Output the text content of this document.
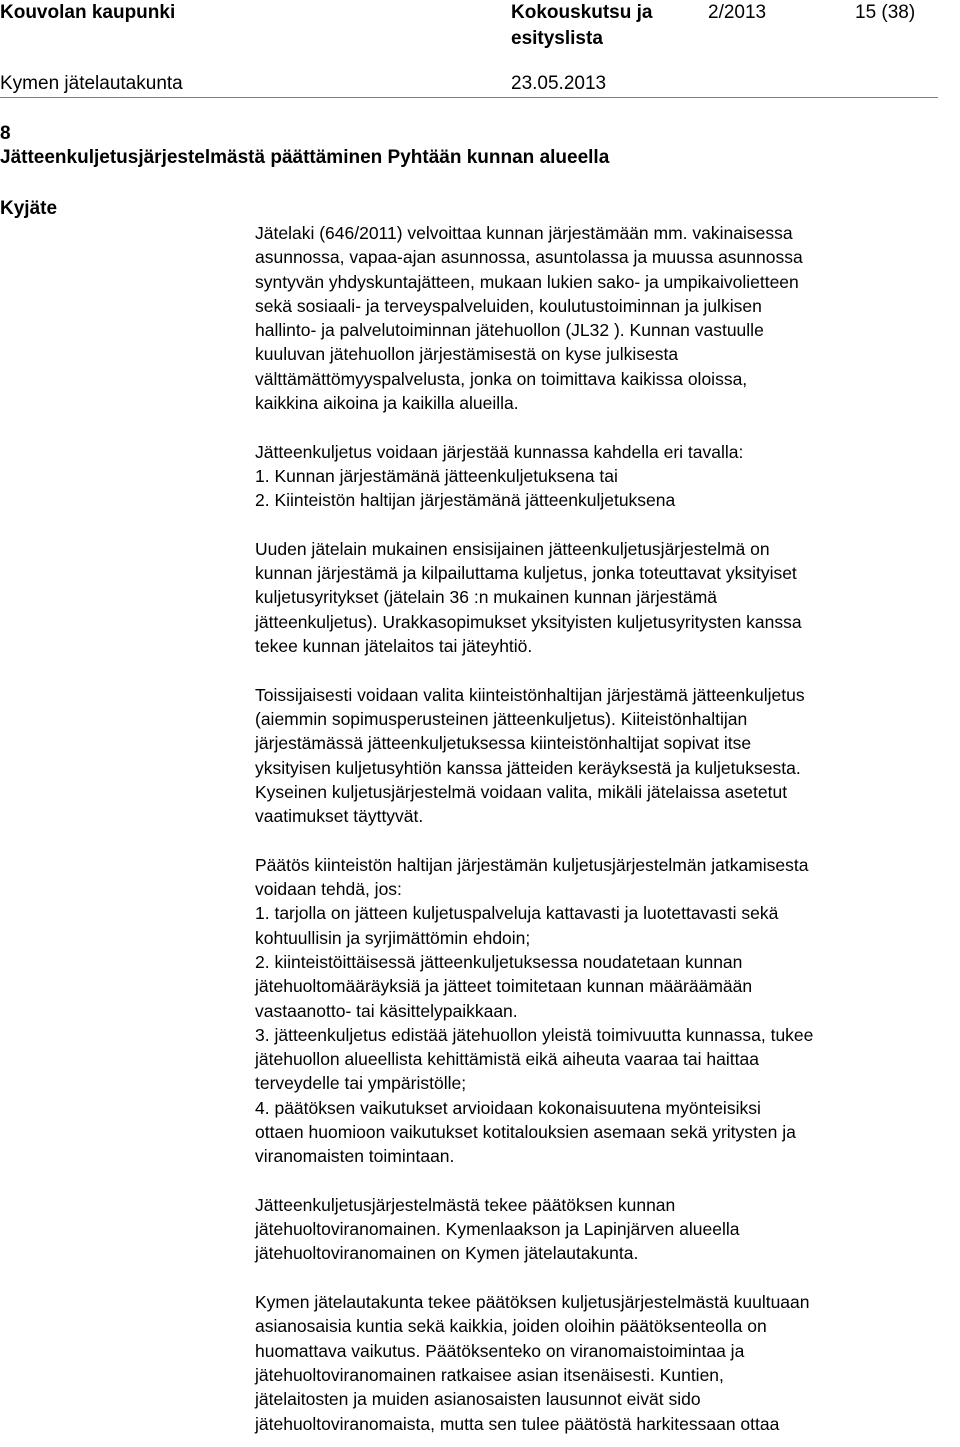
Kouvolan kaupunki	Kokouskutsu ja
esityslista
2/2013	15 (38)
Kymen jätelautakunta	23.05.2013
8
Jätteenkuljetusjärjestelmästä päättäminen Pyhtään kunnan alueella
Kyjäte
Jätelaki (646/2011) velvoittaa kunnan järjestämään mm. vakinaisessa
asunnossa, vapaa-ajan asunnossa, asuntolassa ja muussa asunnossa
syntyvän yhdyskuntajätteen, mukaan lukien sako- ja umpikaivolietteen
sekä sosiaali- ja terveyspalveluiden, koulutustoiminnan ja julkisen
hallinto- ja palvelutoiminnan jätehuollon (JL32 ). Kunnan vastuulle
kuuluvan jätehuollon järjestämisestä on kyse julkisesta
välttämättömyyspalvelusta, jonka on toimittava kaikissa oloissa,
kaikkina aikoina ja kaikilla alueilla.
Jätteenkuljetus voidaan järjestää kunnassa kahdella eri tavalla:
1. Kunnan järjestämänä jätteenkuljetuksena tai
2. Kiinteistön haltijan järjestämänä jätteenkuljetuksena
Uuden jätelain mukainen ensisijainen jätteenkuljetusjärjestelmä on
kunnan järjestämä ja kilpailuttama kuljetus, jonka toteuttavat yksityiset
kuljetusyritykset (jätelain 36 :n mukainen kunnan järjestämä
jätteenkuljetus). Urakkasopimukset yksityisten kuljetusyritysten kanssa
tekee kunnan jätelaitos tai jäteyhtiö.
Toissijaisesti voidaan valita kiinteistönhaltijan järjestämä jätteenkuljetus
(aiemmin sopimusperusteinen jätteenkuljetus). Kiiteistönhaltijan
järjestämässä jätteenkuljetuksessa kiinteistönhaltijat sopivat itse
yksityisen kuljetusyhtiön kanssa jätteiden keräyksestä ja kuljetuksesta.
Kyseinen kuljetusjärjestelmä voidaan valita, mikäli jätelaissa asetetut
vaatimukset täyttyvät.
Päätös kiinteistön haltijan järjestämän kuljetusjärjestelmän jatkamisesta
voidaan tehdä, jos:
1. tarjolla on jätteen kuljetuspalveluja kattavasti ja luotettavasti sekä
kohtuullisin ja syrjimättömin ehdoin;
2. kiinteistöittäisessä jätteenkuljetuksessa noudatetaan kunnan
jätehuoltomääräyksiä ja jätteet toimitetaan kunnan määräämään
vastaanotto- tai käsittelypaikkaan.
3. jätteenkuljetus edistää jätehuollon yleistä toimivuutta kunnassa, tukee
jätehuollon alueellista kehittämistä eikä aiheuta vaaraa tai haittaa
terveydelle tai ympäristölle;
4. päätöksen vaikutukset arvioidaan kokonaisuutena myönteisiksi
ottaen huomioon vaikutukset kotitalouksien asemaan sekä yritysten ja
viranomaisten toimintaan.
Jätteenkuljetusjärjestelmästä tekee päätöksen kunnan
jätehuoltoviranomainen. Kymenlaakson ja Lapinjärven alueella
jätehuoltoviranomainen on Kymen jätelautakunta.
Kymen jätelautakunta tekee päätöksen kuljetusjärjestelmästä kuultuaan
asianosaisia kuntia sekä kaikkia, joiden oloihin päätöksenteolla on
huomattava vaikutus. Päätöksenteko on viranomaistoimintaa ja
jätehuoltoviranomainen ratkaisee asian itsenäisesti. Kuntien,
jätelaitosten ja muiden asianosaisten lausunnot eivät sido
jätehuoltoviranomaista, mutta sen tulee päätöstä harkitessaan ottaa
